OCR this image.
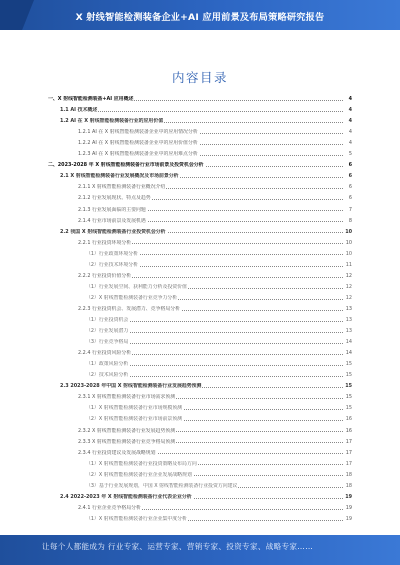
X 射线智能检测装备企业+AI 应用前景及布局策略研究报告
内容目录
一、X 射线智能检测装备+AI 应用概述	4
1.1 AI 技术概述	4
1.2 AI 在 X 射线智能检测装备行业的应用价值	4
1.2.1 AI 在 X 射线智能检测装备企业中的应用情况分析	4
1.2.2 AI 在 X 射线智能检测装备企业中的应用价值分析	4
1.2.3 AI 在 X 射线智能检测装备企业中的应用难点分析	5
二、2023-2028 年 X 射线智能检测装备行业市场前景及投资机会分析	6
2.1 X 射线智能检测装备行业发展概况及市场前景分析	6
2.1.1 X 射线智能检测装备行业概况介绍	6
2.1.2 行业发展现状、特点及趋势	6
2.1.3 行业发展面临的主要问题	7
2.1.4 行业市场前景及发展机遇	8
2.2 我国 X 射线智能检测装备行业投资机会分析	10
2.2.1 行业投资环境分析	10
（1）行业政策环境分析	10
（2）行业技术环境分析	11
2.2.2 行业投资价值分析	12
（1）行业发展空间、获利能力分析及投资价值	12
（2）X 射线智能检测装备行业竞争力分析	12
2.2.3 行业投资机会、发展潜力、竞争格局分析	13
（1）行业投资机会	13
（2）行业发展潜力	13
（3）行业竞争格局	14
2.2.4 行业投资风险分析	14
（1）政策风险分析	15
（2）技术风险分析	15
2.3 2023-2028 年中国 X 射线智能检测装备行业发展趋势预测	15
2.3.1 X 射线智能检测装备行业市场需求预测	15
（1）X 射线智能检测装备行业市场规模预测	15
（2）X 射线智能检测装备行业市场前景预测	16
2.3.2 X 射线智能检测装备行业发展趋势预测	16
2.3.3 X 射线智能检测装备行业竞争格局预测	17
2.3.4 行业投资建议及发展战略规划	17
（1）X 射线智能检测装备行业投资策略及布局方向	17
（2）X 射线智能检测装备行业企业发展战略规划	18
（3）基于行业发展规划，中国 X 射线智能检测装备行业投资方向建议	18
2.4 2022-2023 年 X 射线智能检测装备行业代表企业分析	19
2.4.1 行业企业竞争格局分析	19
（1）X 射线智能检测装备行业企业集中度分析	19
让每个人都能成为 行业专家、运营专家、营销专家、投资专家、战略专家……
